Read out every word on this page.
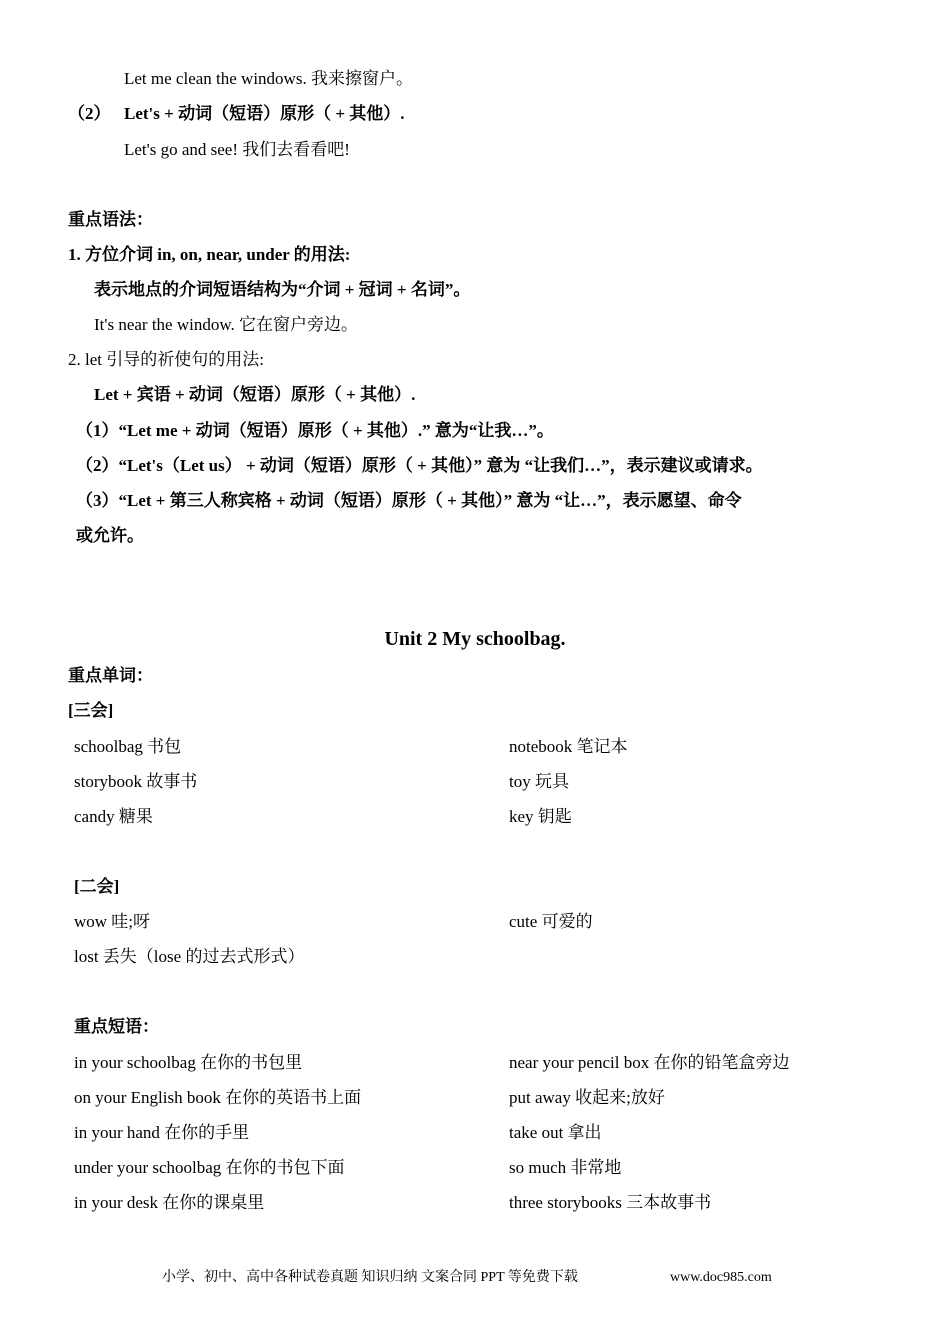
Let me clean the windows. 我来擦窗户。
（2） Let's + 动词（短语）原形（ + 其他）.
Let's go and see! 我们去看看吧!
重点语法：
1. 方位介词 in, on, near, under 的用法:
表示地点的介词短语结构为“介词 + 冠词 + 名词”。
It's near the window. 它在窗户旁边。
2. let 引导的祈使句的用法:
Let + 宾语 + 动词（短语）原形（ + 其他）.
（1）“Let me + 动词（短语）原形（ + 其他）.” 意为“让我…”。
（2）“Let's（Let us） + 动词（短语）原形（ + 其他）” 意为 “让我们…”，表示建议或请求。
（3）“Let + 第三人称宾格 + 动词（短语）原形（ + 其他）” 意为 “让…”，表示愿望、命令
或允许。
Unit 2 My schoolbag.
重点单词：
[三会]
schoolbag 书包
storybook 故事书
candy 糖果
notebook 笔记本
toy 玩具
key 钥匙
[二会]
wow 哇;呀
lost 丢失（lose 的过去式形式）
cute 可爱的
重点短语：
in your schoolbag 在你的书包里
on your English book 在你的英语书上面
in your hand 在你的手里
under your schoolbag 在你的书包下面
in your desk 在你的课桌里
near your pencil box 在你的铅笔盒旁边
put away 收起来;放好
take out 拿出
so much 非常地
three storybooks 三本故事书
小学、初中、高中各种试卷真题 知识归纳 文案合同 PPT 等免费下载	www.doc985.com
